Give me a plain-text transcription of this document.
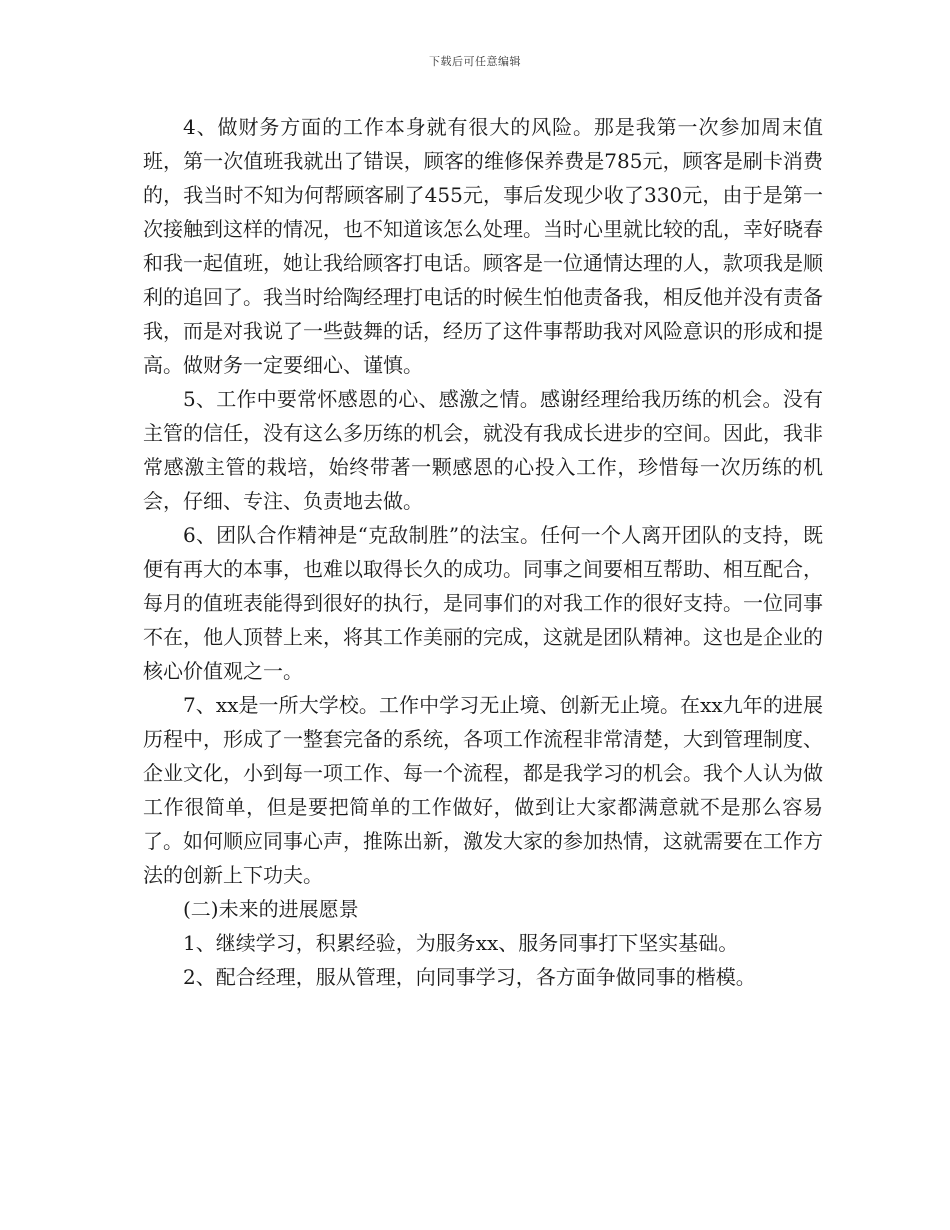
下载后可任意编辑

4、做财务方面的工作本身就有很大的风险。那是我第一次参加周末值班，第一次值班我就出了错误，顾客的维修保养费是785元，顾客是刷卡消费的，我当时不知为何帮顾客刷了455元，事后发现少收了330元，由于是第一次接触到这样的情况，也不知道该怎么处理。当时心里就比较的乱，幸好晓春和我一起值班，她让我给顾客打电话。顾客是一位通情达理的人，款项我是顺利的追回了。我当时给陶经理打电话的时候生怕他责备我，相反他并没有责备我，而是对我说了一些鼓舞的话，经历了这件事帮助我对风险意识的形成和提高。做财务一定要细心、谨慎。

5、工作中要常怀感恩的心、感激之情。感谢经理给我历练的机会。没有主管的信任，没有这么多历练的机会，就没有我成长进步的空间。因此，我非常感激主管的栽培，始终带著一颗感恩的心投入工作，珍惜每一次历练的机会，仔细、专注、负责地去做。

6、团队合作精神是“克敌制胜”的法宝。任何一个人离开团队的支持，既便有再大的本事，也难以取得长久的成功。同事之间要相互帮助、相互配合，每月的值班表能得到很好的执行，是同事们的对我工作的很好支持。一位同事不在，他人顶替上来，将其工作美丽的完成，这就是团队精神。这也是企业的核心价值观之一。

7、xx是一所大学校。工作中学习无止境、创新无止境。在xx九年的进展历程中，形成了一整套完备的系统，各项工作流程非常清楚，大到管理制度、企业文化，小到每一项工作、每一个流程，都是我学习的机会。我个人认为做工作很简单，但是要把简单的工作做好，做到让大家都满意就不是那么容易了。如何顺应同事心声，推陈出新，激发大家的参加热情，这就需要在工作方法的创新上下功夫。

(二)未来的进展愿景

1、继续学习，积累经验，为服务xx、服务同事打下坚实基础。

2、配合经理，服从管理，向同事学习，各方面争做同事的楷模。
